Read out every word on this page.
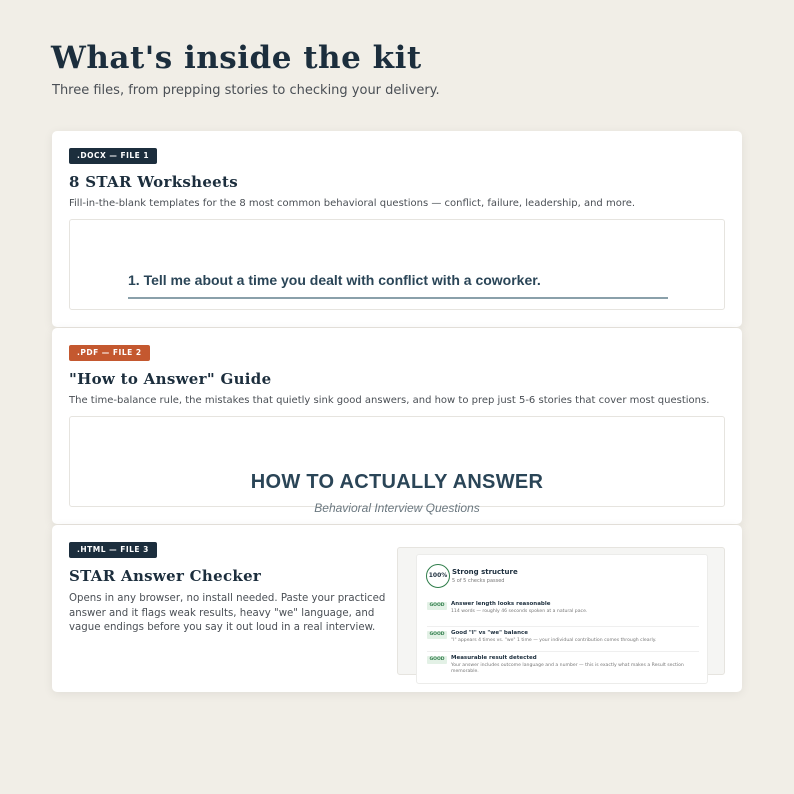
What's inside the kit

Three files, from prepping stories to checking your delivery.

.DOCX — FILE 1
8 STAR Worksheets

Fill-in-the-blank templates for the 8 most common behavioral questions — conflict, failure, leadership, and more.

1. Tell me about a time you dealt with conflict with a coworker.
.PDF — FILE 2
"How to Answer" Guide

The time-balance rule, the mistakes that quietly sink good answers, and how to prep just 5-6 stories that cover most questions.

HOW TO ACTUALLY ANSWER
Behavioral Interview Questions
.HTML — FILE 3
STAR Answer Checker

Opens in any browser, no install needed. Paste your practiced answer and it flags weak results, heavy "we" language, and vague endings before you say it out loud in a real interview.

100% Strong structure
5 of 5 checks passed
GOOD	Answer length looks reasonable
114 words — roughly 46 seconds spoken at a natural pace.
GOOD	Good "I" vs "we" balance
"I" appears 4 times vs. "we" 1 time — your individual contribution comes through clearly.
GOOD	Measurable result detected
Your answer includes outcome language and a number — this is exactly what makes a Result section memorable.
